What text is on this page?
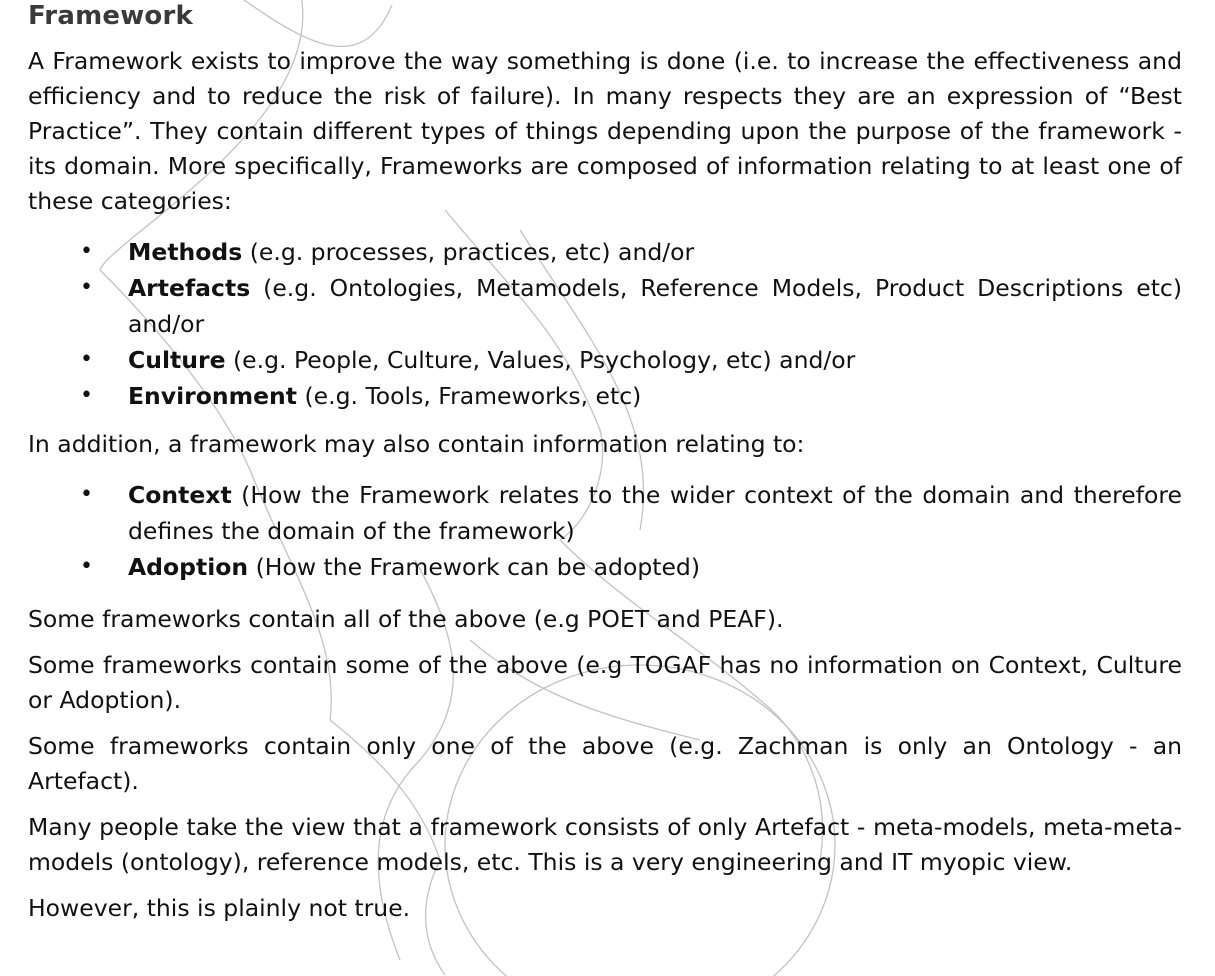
Framework

A Framework exists to improve the way something is done (i.e. to increase the effectiveness and efficiency and to reduce the risk of failure). In many respects they are an expression of “Best Practice”. They contain different types of things depending upon the purpose of the framework - its domain. More specifically, Frameworks are composed of information relating to at least one of these categories:

• Methods (e.g. processes, practices, etc) and/or
• Artefacts (e.g. Ontologies, Metamodels, Reference Models, Product Descriptions etc) and/or
• Culture (e.g. People, Culture, Values, Psychology, etc) and/or
• Environment (e.g. Tools, Frameworks, etc)

In addition, a framework may also contain information relating to:

• Context (How the Framework relates to the wider context of the domain and therefore defines the domain of the framework)
• Adoption (How the Framework can be adopted)

Some frameworks contain all of the above (e.g POET and PEAF).

Some frameworks contain some of the above (e.g TOGAF has no information on Context, Culture or Adoption).

Some frameworks contain only one of the above (e.g. Zachman is only an Ontology - an Artefact).

Many people take the view that a framework consists of only Artefact - meta-models, meta-meta-models (ontology), reference models, etc. This is a very engineering and IT myopic view.

However, this is plainly not true.
